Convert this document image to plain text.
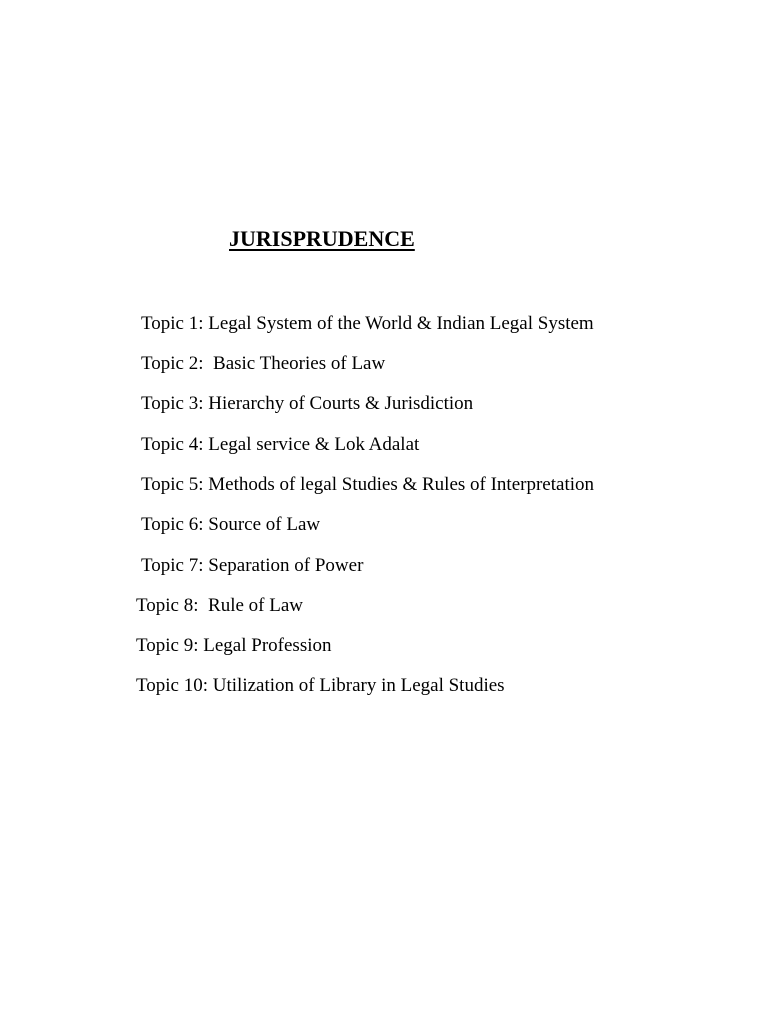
JURISPRUDENCE
Topic 1: Legal System of the World & Indian Legal System
Topic 2:  Basic Theories of Law
Topic 3: Hierarchy of Courts & Jurisdiction
Topic 4: Legal service & Lok Adalat
Topic 5: Methods of legal Studies & Rules of Interpretation
Topic 6: Source of Law
Topic 7: Separation of Power
Topic 8:  Rule of Law
Topic 9: Legal Profession
Topic 10: Utilization of Library in Legal Studies
